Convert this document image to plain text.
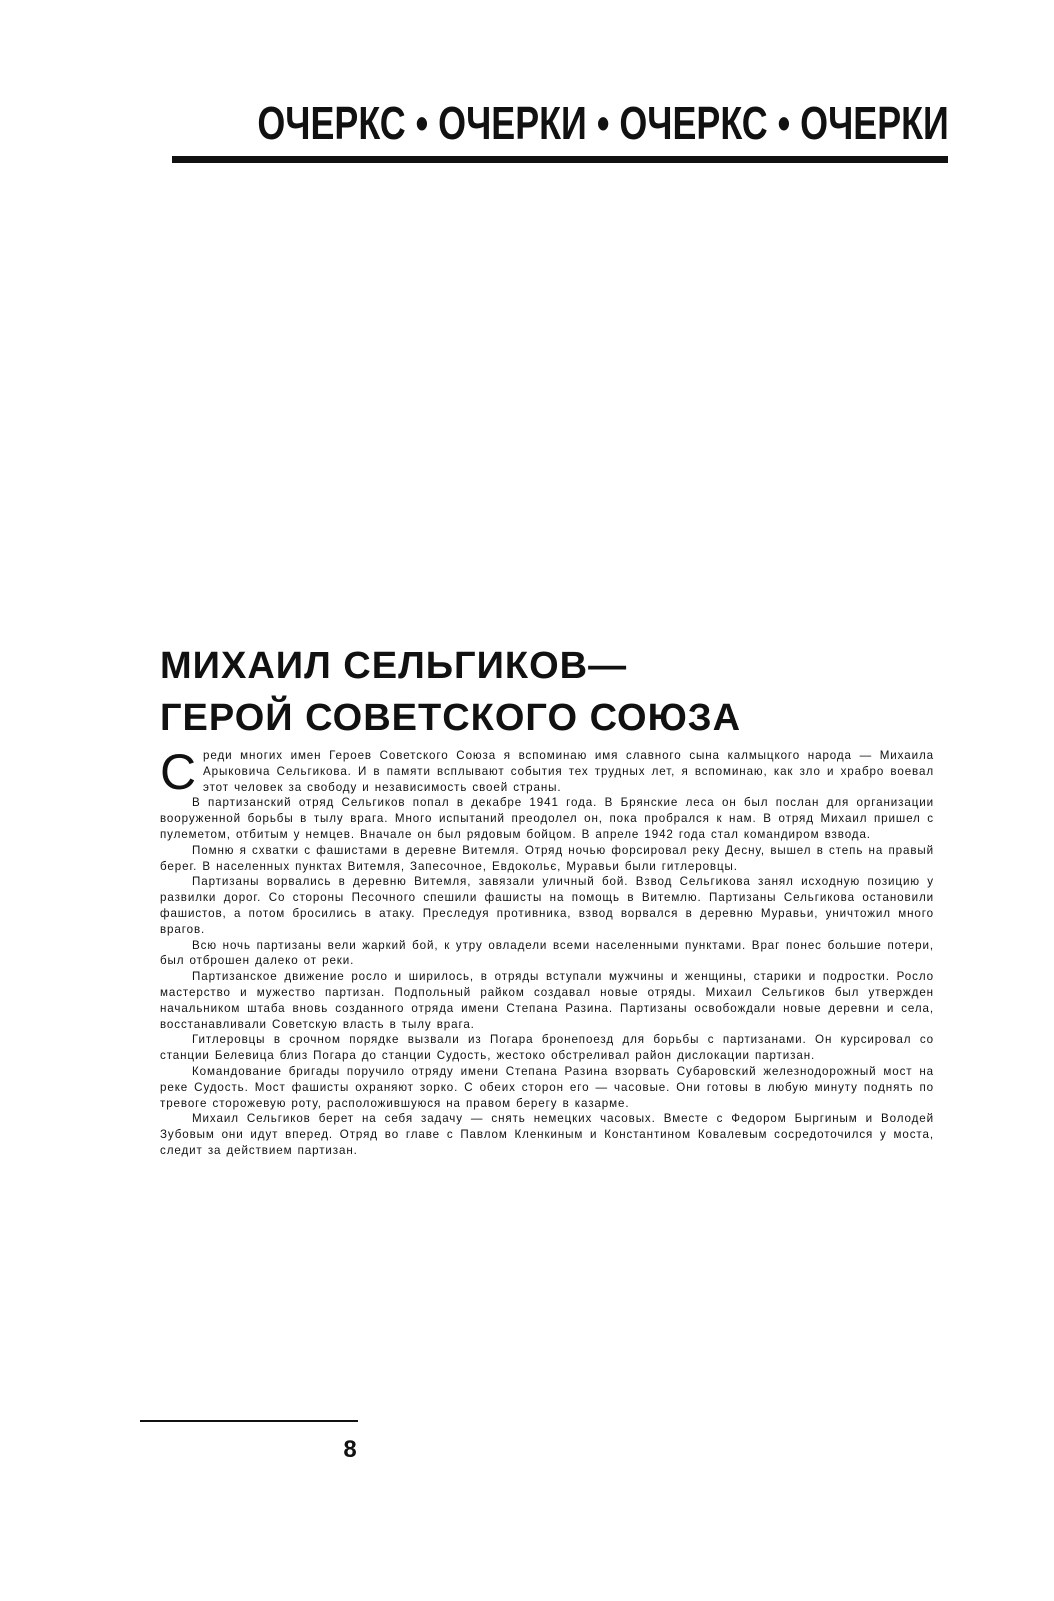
ОЧЕРКС • ОЧЕРКИ • ОЧЕРКС • ОЧЕРКИ
МИХАИЛ СЕЛЬГИКОВ—
ГЕРОЙ СОВЕТСКОГО СОЮЗА

Среди многих имен Героев Советского Союза я вспоминаю имя славного сына калмыцкого народа — Михаила Арыковича Сельгикова. И в памяти всплывают события тех трудных лет, я вспоминаю, как зло и храбро воевал этот человек за свободу и независимость своей страны.

В партизанский отряд Сельгиков попал в декабре 1941 года. В Брянские леса он был послан для организации вооруженной борьбы в тылу врага. Много испытаний преодолел он, пока пробрался к нам. В отряд Михаил пришел с пулеметом, отбитым у немцев. Вначале он был рядовым бойцом. В апреле 1942 года стал командиром взвода.

Помню я схватки с фашистами в деревне Витемля. Отряд ночью форсировал реку Десну, вышел в степь на правый берег. В населенных пунктах Витемля, Запесочное, Евдокольє, Муравьи были гитлеровцы.

Партизаны ворвались в деревню Витемля, завязали уличный бой. Взвод Сельгикова занял исходную позицию у развилки дорог. Со стороны Песочного спешили фашисты на помощь в Витемлю. Партизаны Сельгикова остановили фашистов, а потом бросились в атаку. Преследуя противника, взвод ворвался в деревню Муравьи, уничтожил много врагов.

Всю ночь партизаны вели жаркий бой, к утру овладели всеми населенными пунктами. Враг понес большие потери, был отброшен далеко от реки.

Партизанское движение росло и ширилось, в отряды вступали мужчины и женщины, старики и подростки. Росло мастерство и мужество партизан. Подпольный райком создавал новые отряды. Михаил Сельгиков был утвержден начальником штаба вновь созданного отряда имени Степана Разина. Партизаны освобождали новые деревни и села, восстанавливали Советскую власть в тылу врага.

Гитлеровцы в срочном порядке вызвали из Погара бронепоезд для борьбы с партизанами. Он курсировал со станции Белевица близ Погара до станции Судость, жестоко обстреливал район дислокации партизан.

Командование бригады поручило отряду имени Степана Разина взорвать Субаровский железнодорожный мост на реке Судость. Мост фашисты охраняют зорко. С обеих сторон его — часовые. Они готовы в любую минуту поднять по тревоге сторожевую роту, расположившуюся на правом берегу в казарме.

Михаил Сельгиков берет на себя задачу — снять немецких часовых. Вместе с Федором Быргиным и Володей Зубовым они идут вперед. Отряд во главе с Павлом Кленкиным и Константином Ковалевым сосредоточился у моста, следит за действием партизан.

8
